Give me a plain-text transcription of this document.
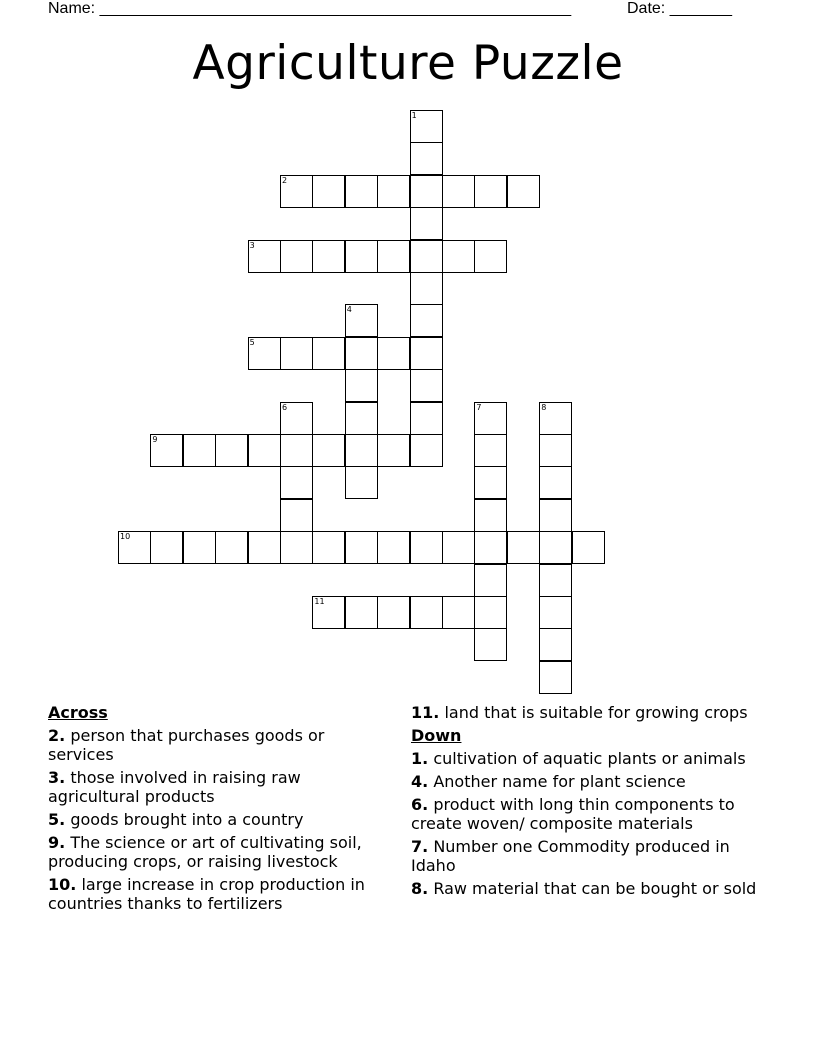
Name: _____________________________________________________	Date: _______
Agriculture Puzzle
2
3
5
9
10
11
1
4
6	7	8
Across
2. person that purchases goods or services
3. those involved in raising raw agricultural products
5. goods brought into a country
9. The science or art of cultivating soil, producing crops, or raising livestock
10. large increase in crop production in countries thanks to fertilizers
11. land that is suitable for growing crops
Down
1. cultivation of aquatic plants or animals
4. Another name for plant science
6. product with long thin components to create woven/ composite materials
7. Number one Commodity produced in Idaho
8. Raw material that can be bought or sold
